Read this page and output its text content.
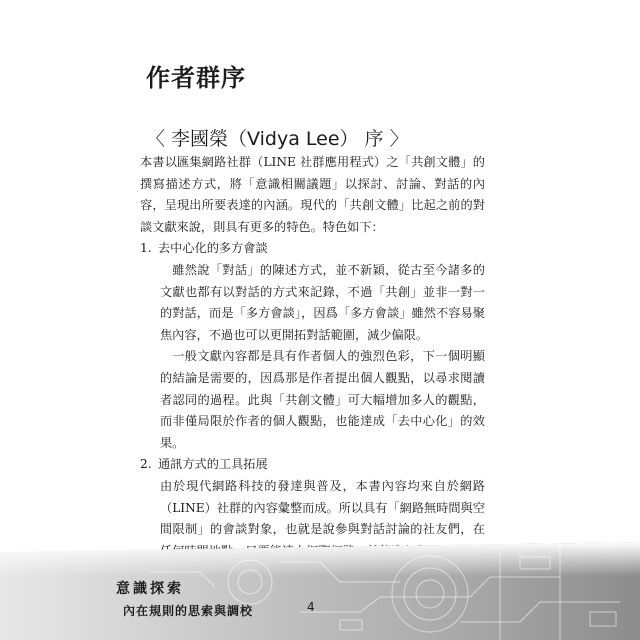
作者群序
〈 李國榮（Vidya Lee） 序 〉

本書以匯集網路社群（LINE 社群應用程式）之「共創文體」的撰寫描述方式，將「意識相關議題」以探討、討論、對話的內容，呈現出所要表達的內涵。現代的「共創文體」比起之前的對談文獻來說，則具有更多的特色。特色如下：

1. 去中心化的多方會談

雖然說「對話」的陳述方式，並不新穎，從古至今諸多的文獻也都有以對話的方式來記錄，不過「共創」並非一對一的對話，而是「多方會談」，因爲「多方會談」雖然不容易聚焦內容，不過也可以更開拓對話範圍，減少偏限。

一般文獻內容都是具有作者個人的強烈色彩，下一個明顯的結論是需要的，因爲那是作者提出個人觀點，以尋求閱讀者認同的過程。此與「共創文體」可大幅增加多人的觀點，而非僅局限於作者的個人觀點，也能達成「去中心化」的效果。

2. 通訊方式的工具拓展

由於現代網路科技的發達與普及，本書內容均來自於網路（LINE）社群的內容彙整而成。所以具有「網路無時間與空間限制」的會談對象，也就是說參與對話討論的社友們，在

意識探索
內在規則的思索與調校	4
